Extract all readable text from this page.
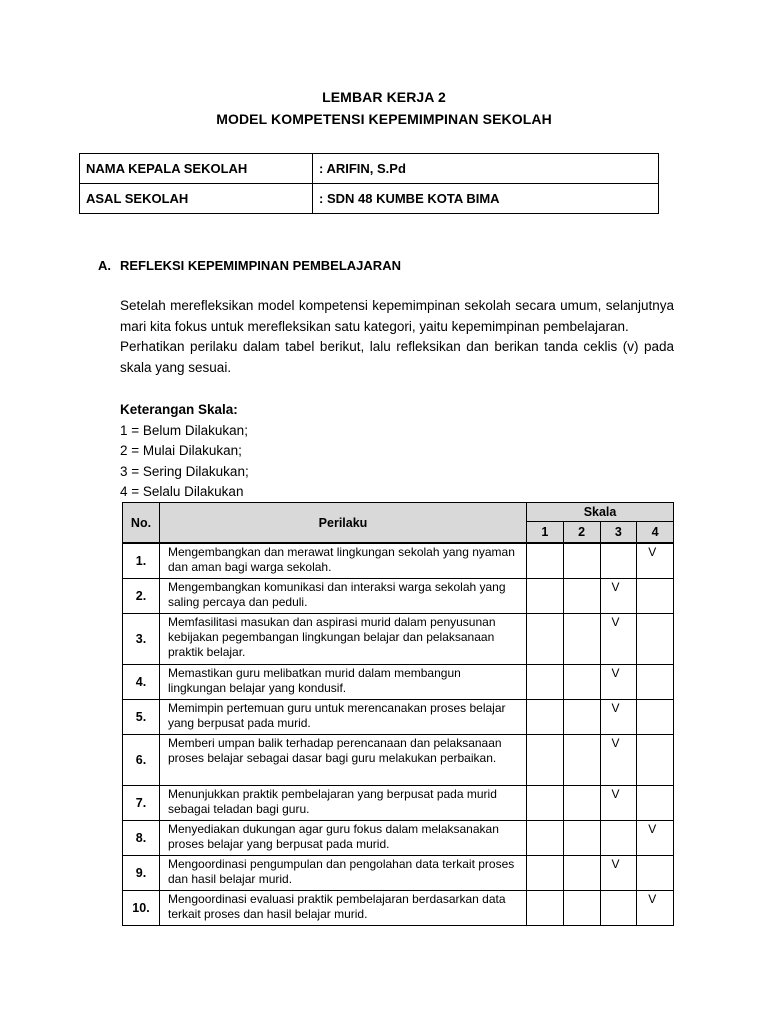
LEMBAR KERJA 2
MODEL KOMPETENSI KEPEMIMPINAN SEKOLAH
NAMA KEPALA SEKOLAH	: ARIFIN, S.Pd
ASAL SEKOLAH	: SDN 48 KUMBE KOTA BIMA
A. REFLEKSI KEPEMIMPINAN PEMBELAJARAN

Setelah merefleksikan model kompetensi kepemimpinan sekolah secara umum, selanjutnya mari kita fokus untuk merefleksikan satu kategori, yaitu kepemimpinan pembelajaran.

Perhatikan perilaku dalam tabel berikut, lalu refleksikan dan berikan tanda ceklis (v) pada skala yang sesuai.

Keterangan Skala:
1 = Belum Dilakukan;
2 = Mulai Dilakukan;
3 = Sering Dilakukan;
4 = Selalu Dilakukan
No.	Perilaku	Skala			
		1	2	3	4
1.	Mengembangkan dan merawat lingkungan sekolah yang nyaman dan aman bagi warga sekolah.				V
2.	Mengembangkan komunikasi dan interaksi warga sekolah yang saling percaya dan peduli.			V	
3.	Memfasilitasi masukan dan aspirasi murid dalam penyusunan kebijakan pegembangan lingkungan belajar dan pelaksanaan praktik belajar.			V	
4.	Memastikan guru melibatkan murid dalam membangun lingkungan belajar yang kondusif.			V	
5.	Memimpin pertemuan guru untuk merencanakan proses belajar yang berpusat pada murid.			V	
6.	Memberi umpan balik terhadap perencanaan dan pelaksanaan proses belajar sebagai dasar bagi guru melakukan perbaikan.			V	
7.	Menunjukkan praktik pembelajaran yang berpusat pada murid sebagai teladan bagi guru.			V	
8.	Menyediakan dukungan agar guru fokus dalam melaksanakan proses belajar yang berpusat pada murid.				V
9.	Mengoordinasi pengumpulan dan pengolahan data terkait proses dan hasil belajar murid.			V	
10.	Mengoordinasi evaluasi praktik pembelajaran berdasarkan data terkait proses dan hasil belajar murid.				V
